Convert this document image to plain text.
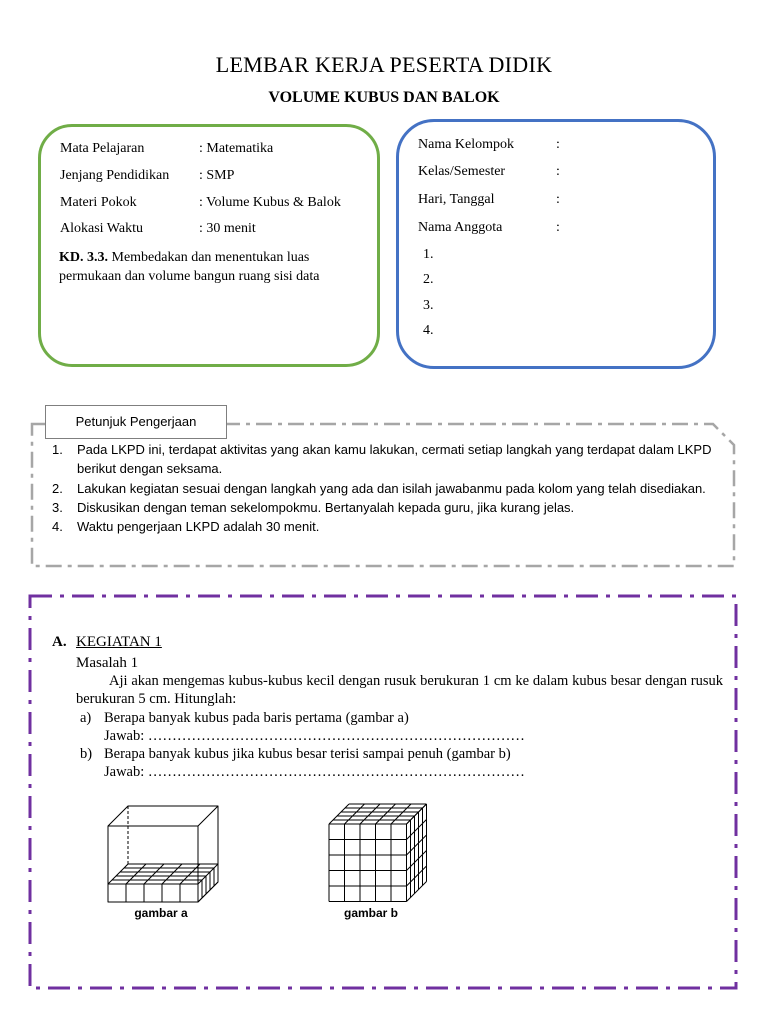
LEMBAR KERJA PESERTA DIDIK
VOLUME KUBUS DAN BALOK
Mata Pelajaran	: Matematika
Jenjang Pendidikan : SMP
Materi Pokok	: Volume Kubus & Balok
Alokasi Waktu	: 30 menit
KD. 3.3. Membedakan dan menentukan luas permukaan dan volume bangun ruang sisi data
Nama Kelompok	:
Kelas/Semester	:
Hari, Tanggal	:
Nama Anggota	:
1.
2.
3.
4.
Petunjuk Pengerjaan
1. Pada LKPD ini, terdapat aktivitas yang akan kamu lakukan, cermati setiap langkah yang terdapat dalam LKPD berikut dengan seksama.
2. Lakukan kegiatan sesuai dengan langkah yang ada dan isilah jawabanmu pada kolom yang telah disediakan.
3. Diskusikan dengan teman sekelompokmu. Bertanyalah kepada guru, jika kurang jelas.
4. Waktu pengerjaan LKPD adalah 30 menit.
A. KEGIATAN 1
Masalah 1
Aji akan mengemas kubus-kubus kecil dengan rusuk berukuran 1 cm ke dalam kubus besar dengan rusuk berukuran 5 cm. Hitunglah:
a) Berapa banyak kubus pada baris pertama (gambar a)
Jawab: ……………………………………………………………………
b) Berapa banyak kubus jika kubus besar terisi sampai penuh (gambar b)
Jawab: ……………………………………………………………………
gambar a	gambar b
